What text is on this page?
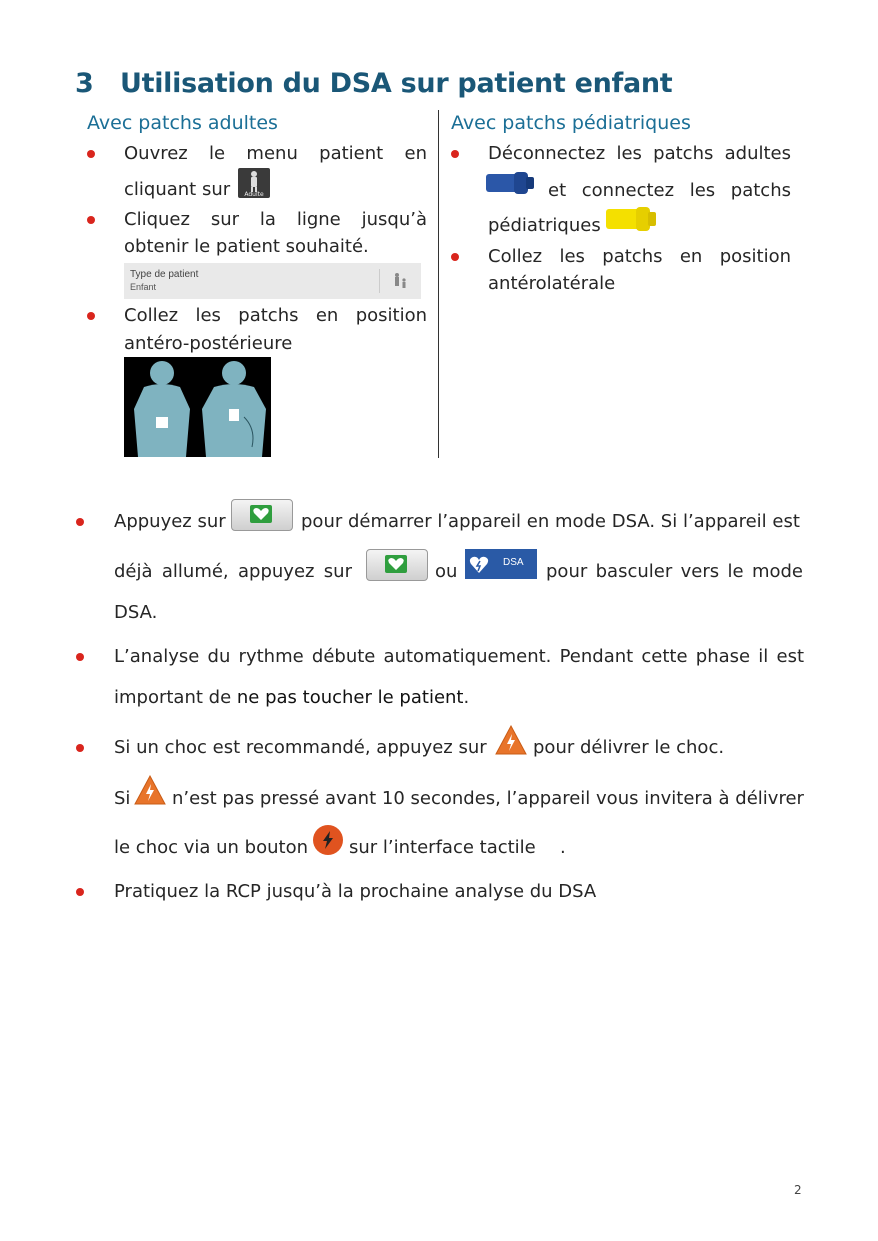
3 Utilisation du DSA sur patient enfant
Avec patchs adultes	Avec patchs pédiatriques
Ouvrez le menu patient en
cliquant sur	Adulte
Cliquez sur la ligne jusqu’à
obtenir le patient souhaité.
Type de patient
Enfant
Collez les patchs en position
antéro-postérieure
Déconnectez les patchs adultes
et connectez les patchs
pédiatriques
Collez les patchs en position
antérolatérale
Appuyez sur	pour démarrer l’appareil en mode DSA. Si l’appareil est
déjà allumé, appuyez sur	ou	DSA pour basculer vers le mode
DSA.
L’analyse du rythme débute automatiquement. Pendant cette phase il est
important de ne pas toucher le patient.
Si un choc est recommandé, appuyez sur	pour délivrer le choc.
Si n’est pas pressé avant 10 secondes, l’appareil vous invitera à délivrer
le choc via un bouton sur l’interface tactile .
Pratiquez la RCP jusqu’à la prochaine analyse du DSA
2
